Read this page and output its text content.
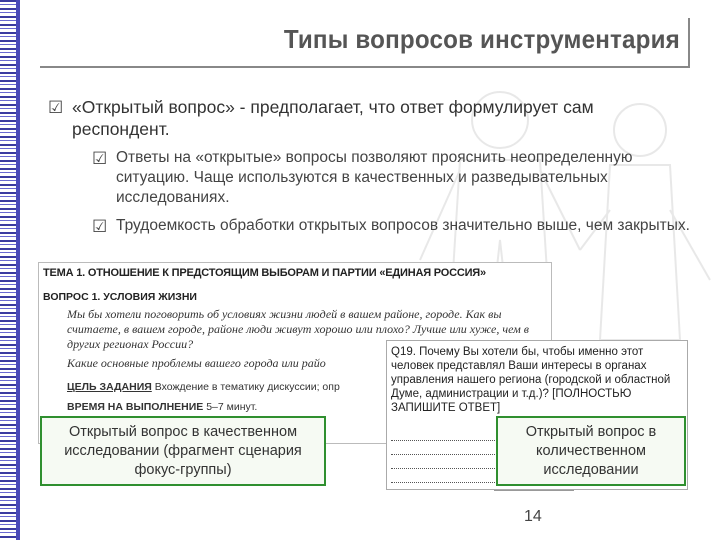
Типы вопросов инструментария
☑ «Открытый вопрос» - предполагает, что ответ формулирует сам респондент.
☑ Ответы на «открытые» вопросы позволяют прояснить неопределенную ситуацию. Чаще используются в качественных и разведывательных исследованиях.
☑ Трудоемкость обработки открытых вопросов значительно выше, чем закрытых.
ТЕМА 1. ОТНОШЕНИЕ К ПРЕДСТОЯЩИМ ВЫБОРАМ И ПАРТИИ «ЕДИНАЯ РОССИЯ»
ВОПРОС 1. УСЛОВИЯ ЖИЗНИ
Мы бы хотели поговорить об условиях жизни людей в вашем районе, городе. Как вы считаете, в вашем городе, районе люди живут хорошо или плохо? Лучше или хуже, чем в других регионах России?
Какие основные проблемы вашего города или райо
ЦЕЛЬ ЗАДАНИЯ Вхождение в тематику дискуссии; опр
ВРЕМЯ НА ВЫПОЛНЕНИЕ 5–7 минут.
Q19. Почему Вы хотели бы, чтобы именно этот человек представлял Ваши интересы в органах управления нашего региона (городской и областной Думе, администрации и т.д.)? [ПОЛНОСТЬЮ ЗАПИШИТЕ ОТВЕТ]
Открытый вопрос в качественном исследовании (фрагмент сценария фокус-группы)
Открытый вопрос в количественном исследовании
14
